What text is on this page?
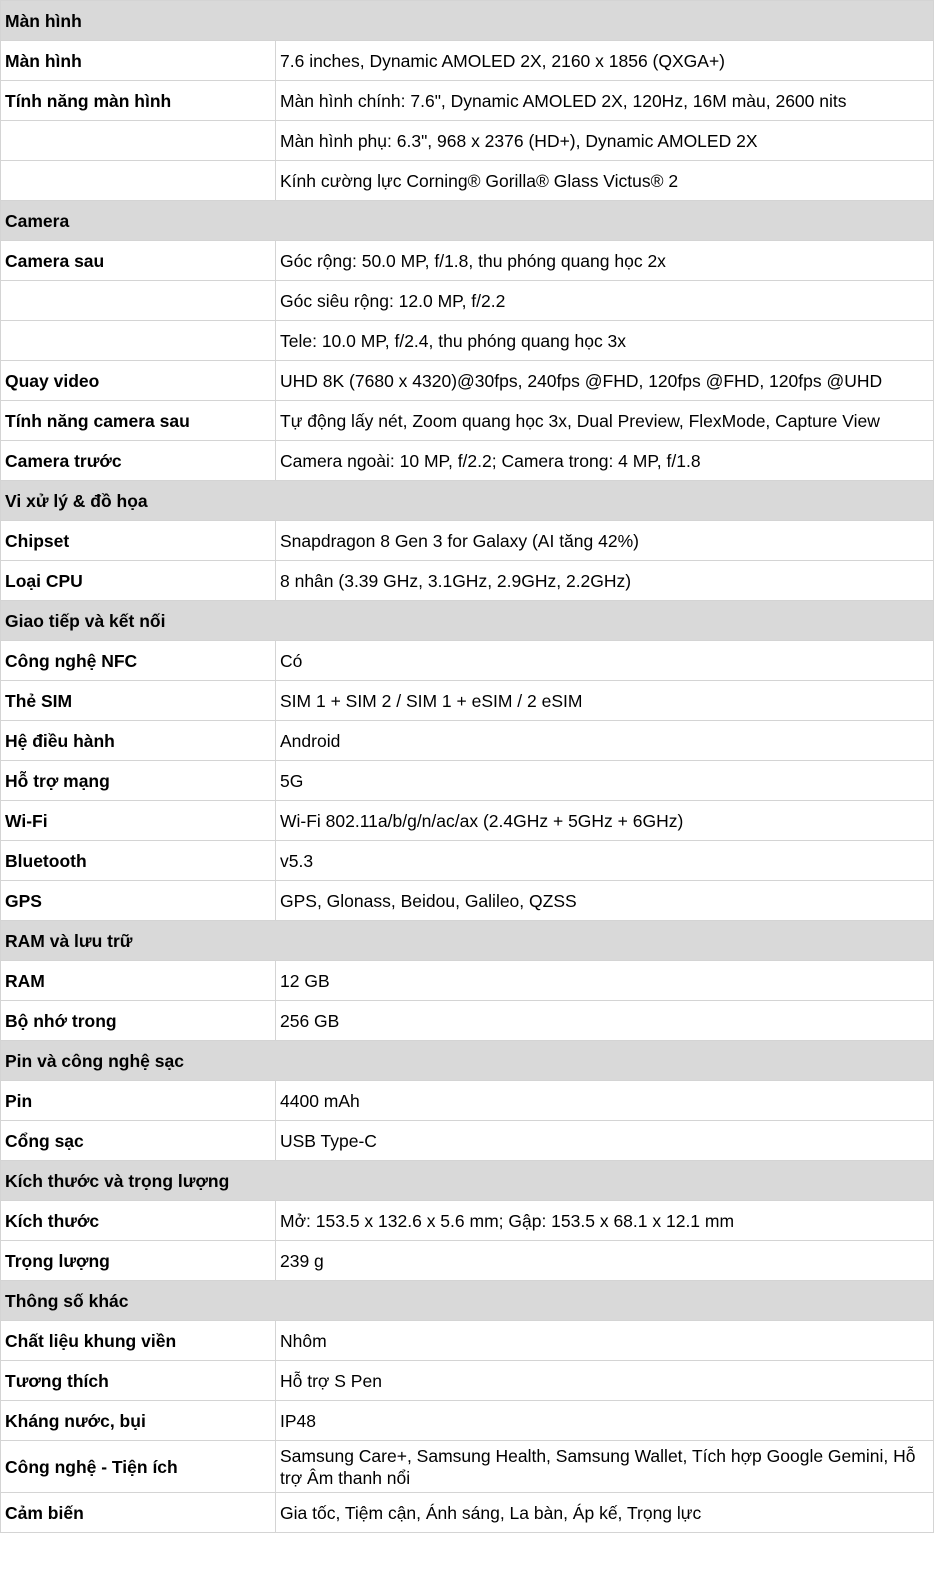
Màn hình	
Màn hình	7.6 inches, Dynamic AMOLED 2X, 2160 x 1856 (QXGA+)
Tính năng màn hình	Màn hình chính: 7.6", Dynamic AMOLED 2X, 120Hz, 16M màu, 2600 nits
	Màn hình phụ: 6.3", 968 x 2376 (HD+), Dynamic AMOLED 2X
	Kính cường lực Corning® Gorilla® Glass Victus® 2
Camera	
Camera sau	Góc rộng: 50.0 MP, f/1.8, thu phóng quang học 2x
	Góc siêu rộng: 12.0 MP, f/2.2
	Tele: 10.0 MP, f/2.4, thu phóng quang học 3x
Quay video	UHD 8K (7680 x 4320)@30fps, 240fps @FHD, 120fps @FHD, 120fps @UHD
Tính năng camera sau	Tự động lấy nét, Zoom quang học 3x, Dual Preview, FlexMode, Capture View
Camera trước	Camera ngoài: 10 MP, f/2.2; Camera trong: 4 MP, f/1.8
Vi xử lý & đồ họa	
Chipset	Snapdragon 8 Gen 3 for Galaxy (AI tăng 42%)
Loại CPU	8 nhân (3.39 GHz, 3.1GHz, 2.9GHz, 2.2GHz)
Giao tiếp và kết nối	
Công nghệ NFC	Có
Thẻ SIM	SIM 1 + SIM 2 / SIM 1 + eSIM / 2 eSIM
Hệ điều hành	Android
Hỗ trợ mạng	5G
Wi-Fi	Wi-Fi 802.11a/b/g/n/ac/ax (2.4GHz + 5GHz + 6GHz)
Bluetooth	v5.3
GPS	GPS, Glonass, Beidou, Galileo, QZSS
RAM và lưu trữ	
RAM	12 GB
Bộ nhớ trong	256 GB
Pin và công nghệ sạc	
Pin	4400 mAh
Cổng sạc	USB Type-C
Kích thước và trọng lượng	
Kích thước	Mở: 153.5 x 132.6 x 5.6 mm; Gập: 153.5 x 68.1 x 12.1 mm
Trọng lượng	239 g
Thông số khác	
Chất liệu khung viền	Nhôm
Tương thích	Hỗ trợ S Pen
Kháng nước, bụi	IP48
Công nghệ - Tiện ích	Samsung Care+, Samsung Health, Samsung Wallet, Tích hợp Google Gemini, Hỗ trợ Âm thanh nổi
Cảm biến	Gia tốc, Tiệm cận, Ánh sáng, La bàn, Áp kế, Trọng lực
